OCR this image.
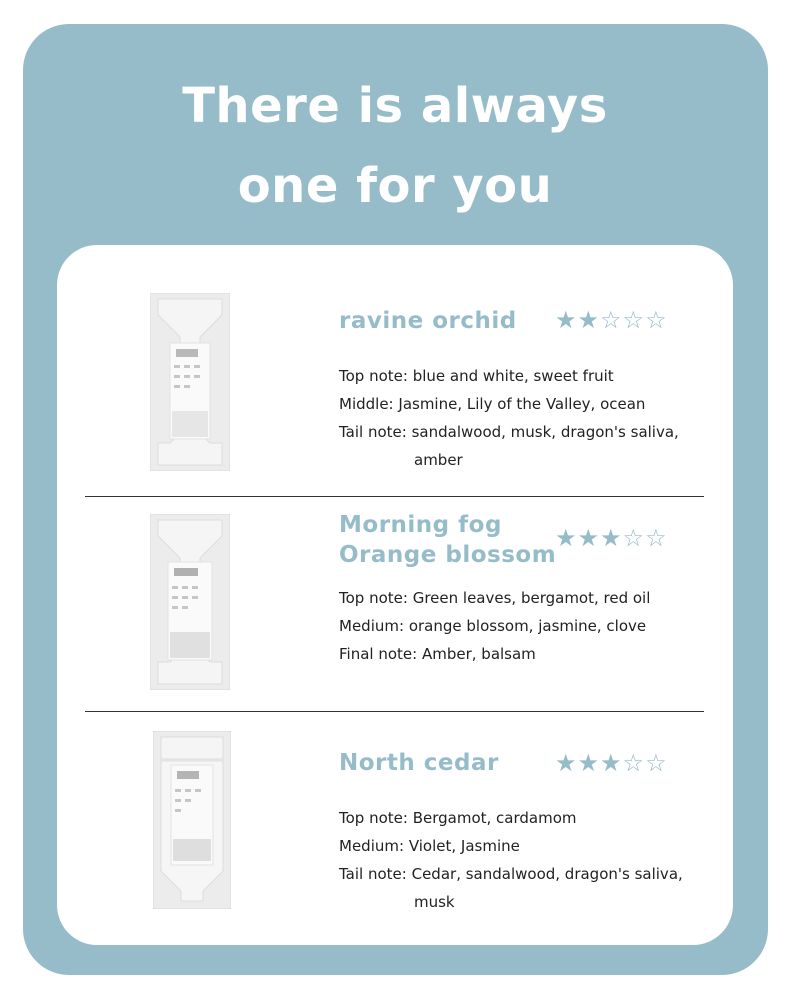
There is always
one for you
ravine orchid ★★☆☆☆
Top note: blue and white, sweet fruit
Middle: Jasmine, Lily of the Valley, ocean
Tail note: sandalwood, musk, dragon's saliva, amber
Morning fog
Orange blossom
★★★☆☆
Top note: Green leaves, bergamot, red oil
Medium: orange blossom, jasmine, clove
Final note: Amber, balsam
North cedar ★★★☆☆
Top note: Bergamot, cardamom
Medium: Violet, Jasmine
Tail note: Cedar, sandalwood, dragon's saliva, musk
